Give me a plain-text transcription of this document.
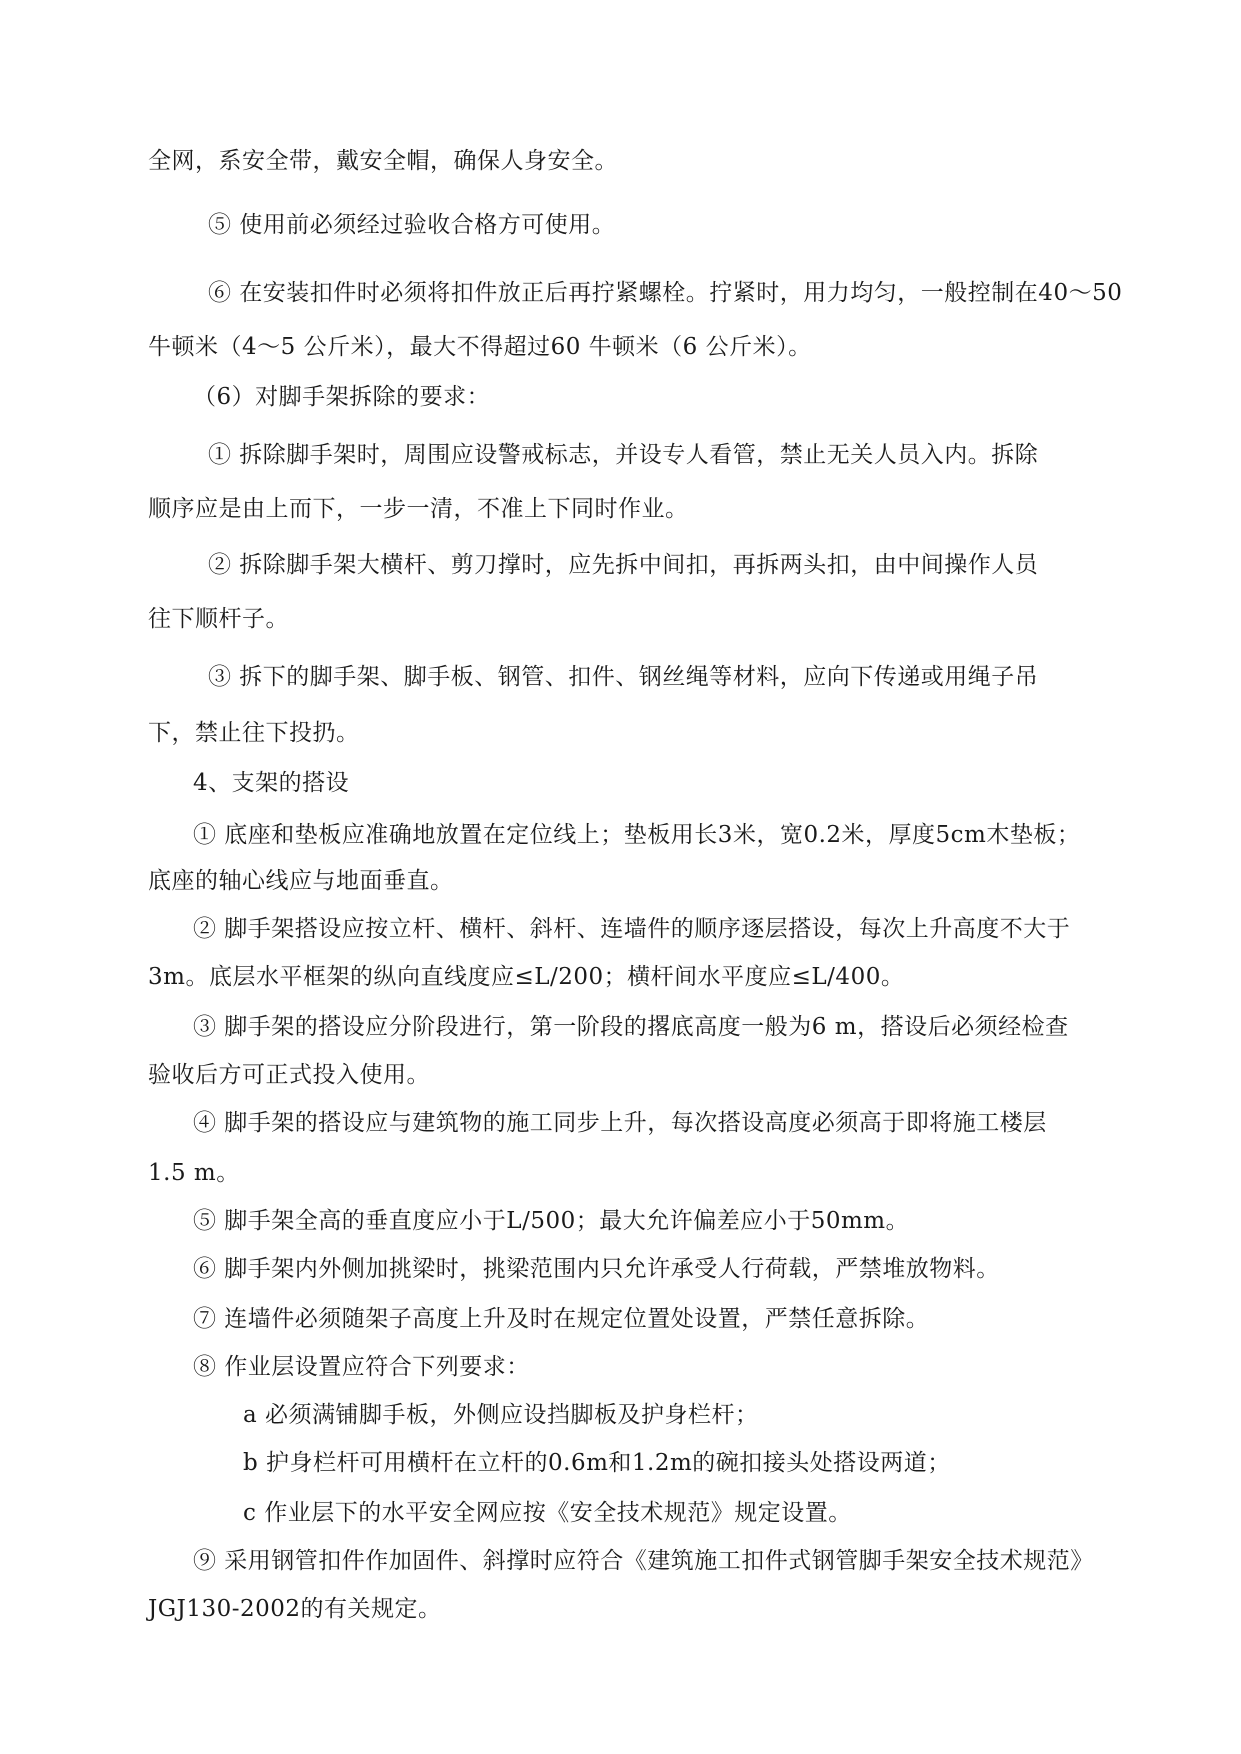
全网，系安全带，戴安全帽，确保人身安全。
⑤ 使用前必须经过验收合格方可使用。
⑥ 在安装扣件时必须将扣件放正后再拧紧螺栓。拧紧时，用力均匀，一般控制在40～50
牛顿米（4～5 公斤米），最大不得超过60 牛顿米（6 公斤米）。
（6）对脚手架拆除的要求：
① 拆除脚手架时，周围应设警戒标志，并设专人看管，禁止无关人员入内。拆除
顺序应是由上而下，一步一清，不准上下同时作业。
② 拆除脚手架大横杆、剪刀撑时，应先拆中间扣，再拆两头扣，由中间操作人员
往下顺杆子。
③ 拆下的脚手架、脚手板、钢管、扣件、钢丝绳等材料，应向下传递或用绳子吊
下，禁止往下投扔。
4、支架的搭设
① 底座和垫板应准确地放置在定位线上；垫板用长3米，宽0.2米，厚度5cm木垫板；
底座的轴心线应与地面垂直。
② 脚手架搭设应按立杆、横杆、斜杆、连墙件的顺序逐层搭设，每次上升高度不大于
3m。底层水平框架的纵向直线度应≤L/200；横杆间水平度应≤L/400。
③ 脚手架的搭设应分阶段进行，第一阶段的撂底高度一般为6 m，搭设后必须经检查
验收后方可正式投入使用。
④ 脚手架的搭设应与建筑物的施工同步上升，每次搭设高度必须高于即将施工楼层
1.5 m。
⑤ 脚手架全高的垂直度应小于L/500；最大允许偏差应小于50mm。
⑥ 脚手架内外侧加挑梁时，挑梁范围内只允许承受人行荷载，严禁堆放物料。
⑦ 连墙件必须随架子高度上升及时在规定位置处设置，严禁任意拆除。
⑧ 作业层设置应符合下列要求：
a 必须满铺脚手板，外侧应设挡脚板及护身栏杆；
b 护身栏杆可用横杆在立杆的0.6m和1.2m的碗扣接头处搭设两道；
c 作业层下的水平安全网应按《安全技术规范》规定设置。
⑨ 采用钢管扣件作加固件、斜撑时应符合《建筑施工扣件式钢管脚手架安全技术规范》
JGJ130-2002的有关规定。
